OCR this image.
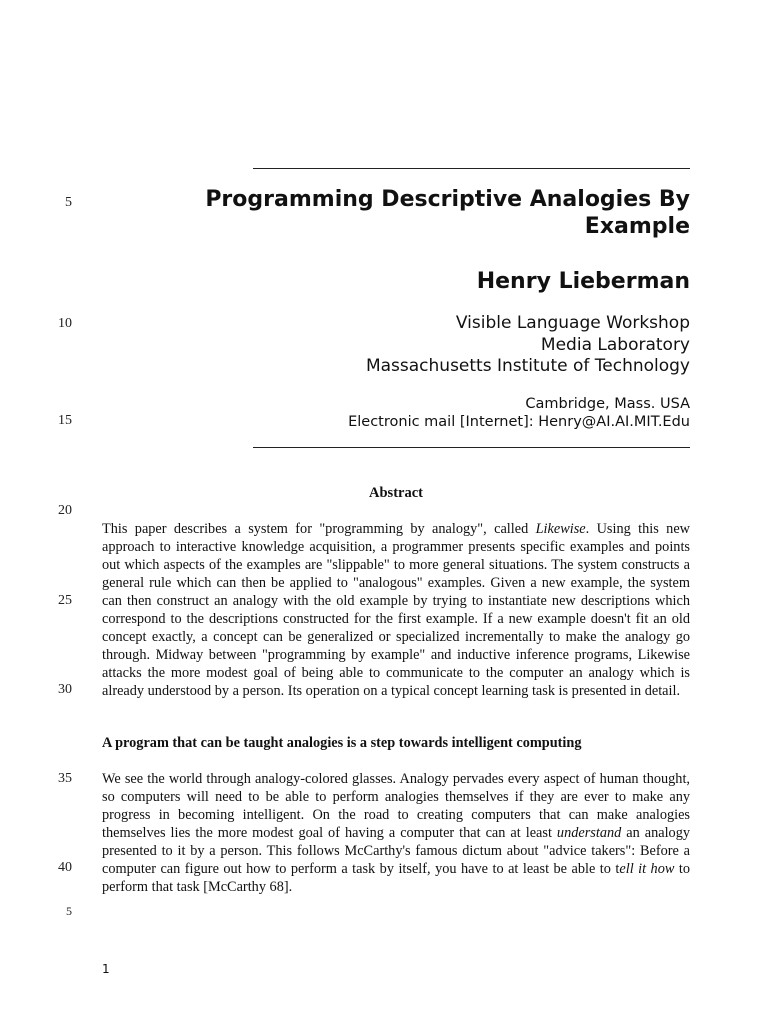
5
10
15
20
25
30
35
40
5
Programming Descriptive Analogies By
Example
Henry Lieberman
Visible Language Workshop
Media Laboratory
Massachusetts Institute of Technology
Cambridge, Mass. USA
Electronic mail [Internet]: Henry@AI.AI.MIT.Edu
Abstract

This paper describes a system for "programming by analogy", called Likewise. Using this new approach to interactive knowledge acquisition, a programmer presents specific examples and points out which aspects of the examples are "slippable" to more general situations. The system constructs a general rule which can then be applied to "analogous" examples. Given a new example, the system can then construct an analogy with the old example by trying to instantiate new descriptions which correspond to the descriptions constructed for the first example. If a new example doesn't fit an old concept exactly, a concept can be generalized or specialized incrementally to make the analogy go through. Midway between "programming by example" and inductive inference programs, Likewise attacks the more modest goal of being able to communicate to the computer an analogy which is already understood by a person. Its operation on a typical concept learning task is presented in detail.

A program that can be taught analogies is a step towards intelligent computing

We see the world through analogy-colored glasses. Analogy pervades every aspect of human thought, so computers will need to be able to perform analogies themselves if they are ever to make any progress in becoming intelligent. On the road to creating computers that can make analogies themselves lies the more modest goal of having a computer that can at least understand an analogy presented to it by a person. This follows McCarthy's famous dictum about "advice takers": Before a computer can figure out how to perform a task by itself, you have to at least be able to tell it how to perform that task [McCarthy 68].

1
